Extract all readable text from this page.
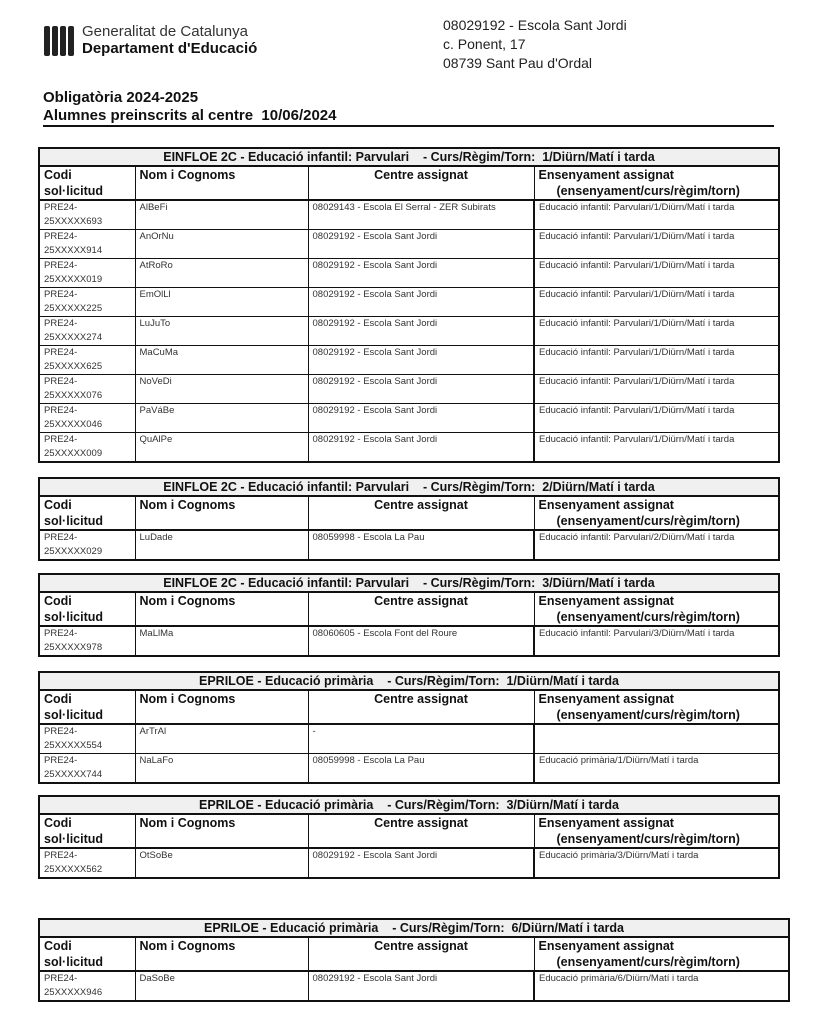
Generalitat de Catalunya
Departament d'Educació
08029192 - Escola Sant Jordi
c. Ponent, 17
08739 Sant Pau d'Ordal
Obligatòria 2024-2025
Alumnes preinscrits al centre  10/06/2024
EINFLOE 2C - Educació infantil: Parvulari    - Curs/Règim/Torn:  1/Diürn/Matí i tarda			
Codi
sol·licitud	Nom i Cognoms	Centre assignat	Ensenyament assignat
(ensenyament/curs/règim/torn)

PRE24-
25XXXXX693	AlBeFi	08029143 - Escola El Serral - ZER Subirats	Educació infantil: Parvulari/1/Diürn/Matí i tarda
PRE24-
25XXXXX914	AnOrNu	08029192 - Escola Sant Jordi	Educació infantil: Parvulari/1/Diürn/Matí i tarda
PRE24-
25XXXXX019	AtRoRo	08029192 - Escola Sant Jordi	Educació infantil: Parvulari/1/Diürn/Matí i tarda
PRE24-
25XXXXX225	EmOlLl	08029192 - Escola Sant Jordi	Educació infantil: Parvulari/1/Diürn/Matí i tarda
PRE24-
25XXXXX274	LuJuTo	08029192 - Escola Sant Jordi	Educació infantil: Parvulari/1/Diürn/Matí i tarda
PRE24-
25XXXXX625	MaCuMa	08029192 - Escola Sant Jordi	Educació infantil: Parvulari/1/Diürn/Matí i tarda
PRE24-
25XXXXX076	NoVeDi	08029192 - Escola Sant Jordi	Educació infantil: Parvulari/1/Diürn/Matí i tarda
PRE24-
25XXXXX046	PaVáBe	08029192 - Escola Sant Jordi	Educació infantil: Parvulari/1/Diürn/Matí i tarda
PRE24-
25XXXXX009	QuAlPe	08029192 - Escola Sant Jordi	Educació infantil: Parvulari/1/Diürn/Matí i tarda
EINFLOE 2C - Educació infantil: Parvulari    - Curs/Règim/Torn:  2/Diürn/Matí i tarda			
Codi
sol·licitud	Nom i Cognoms	Centre assignat	Ensenyament assignat
(ensenyament/curs/règim/torn)

PRE24-
25XXXXX029	LuDade	08059998 - Escola La Pau	Educació infantil: Parvulari/2/Diürn/Matí i tarda
EINFLOE 2C - Educació infantil: Parvulari    - Curs/Règim/Torn:  3/Diürn/Matí i tarda			
Codi
sol·licitud	Nom i Cognoms	Centre assignat	Ensenyament assignat
(ensenyament/curs/règim/torn)

PRE24-
25XXXXX978	MaLlMa	08060605 - Escola Font del Roure	Educació infantil: Parvulari/3/Diürn/Matí i tarda
EPRILOE - Educació primària    - Curs/Règim/Torn:  1/Diürn/Matí i tarda			
Codi
sol·licitud	Nom i Cognoms	Centre assignat	Ensenyament assignat
(ensenyament/curs/règim/torn)

PRE24-
25XXXXX554	ArTrAl	-	
PRE24-
25XXXXX744	NaLaFo	08059998 - Escola La Pau	Educació primària/1/Diürn/Matí i tarda
EPRILOE - Educació primària    - Curs/Règim/Torn:  3/Diürn/Matí i tarda			
Codi
sol·licitud	Nom i Cognoms	Centre assignat	Ensenyament assignat
(ensenyament/curs/règim/torn)

PRE24-
25XXXXX562	OtSoBe	08029192 - Escola Sant Jordi	Educació primària/3/Diürn/Matí i tarda
EPRILOE - Educació primària    - Curs/Règim/Torn:  6/Diürn/Matí i tarda			
Codi
sol·licitud	Nom i Cognoms	Centre assignat	Ensenyament assignat
(ensenyament/curs/règim/torn)

PRE24-
25XXXXX946	DaSoBe	08029192 - Escola Sant Jordi	Educació primària/6/Diürn/Matí i tarda
